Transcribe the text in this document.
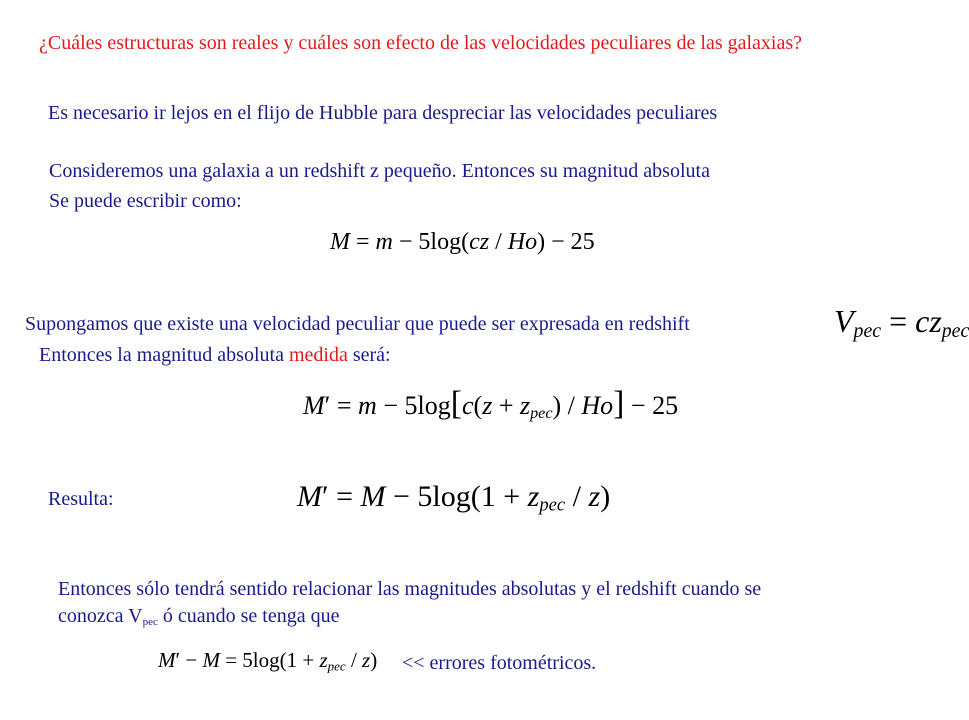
¿Cuáles estructuras son reales y cuáles son efecto de las velocidades peculiares de las galaxias?
Es necesario ir lejos en el flijo de Hubble para despreciar las velocidades peculiares
Consideremos una galaxia a un redshift z pequeño. Entonces su magnitud absoluta
Se puede escribir como:
M = m − 5log(cz / Ho) − 25
Supongamos que existe una velocidad peculiar que puede ser expresada en redshift	$V_{pec} = cz_{pec}$
Entonces la magnitud absoluta medida será:
$M' = m - 5\log[c(z + z_{pec}) / Ho] - 25$
Resulta:	$M' = M - 5\log(1 + z_{pec} / z)$
Entonces sólo tendrá sentido relacionar las magnitudes absolutas y el redshift cuando se
conozca Vpec ó cuando se tenga que
$M' - M = 5\log(1 + z_{pec} / z)$ << errores fotométricos.
